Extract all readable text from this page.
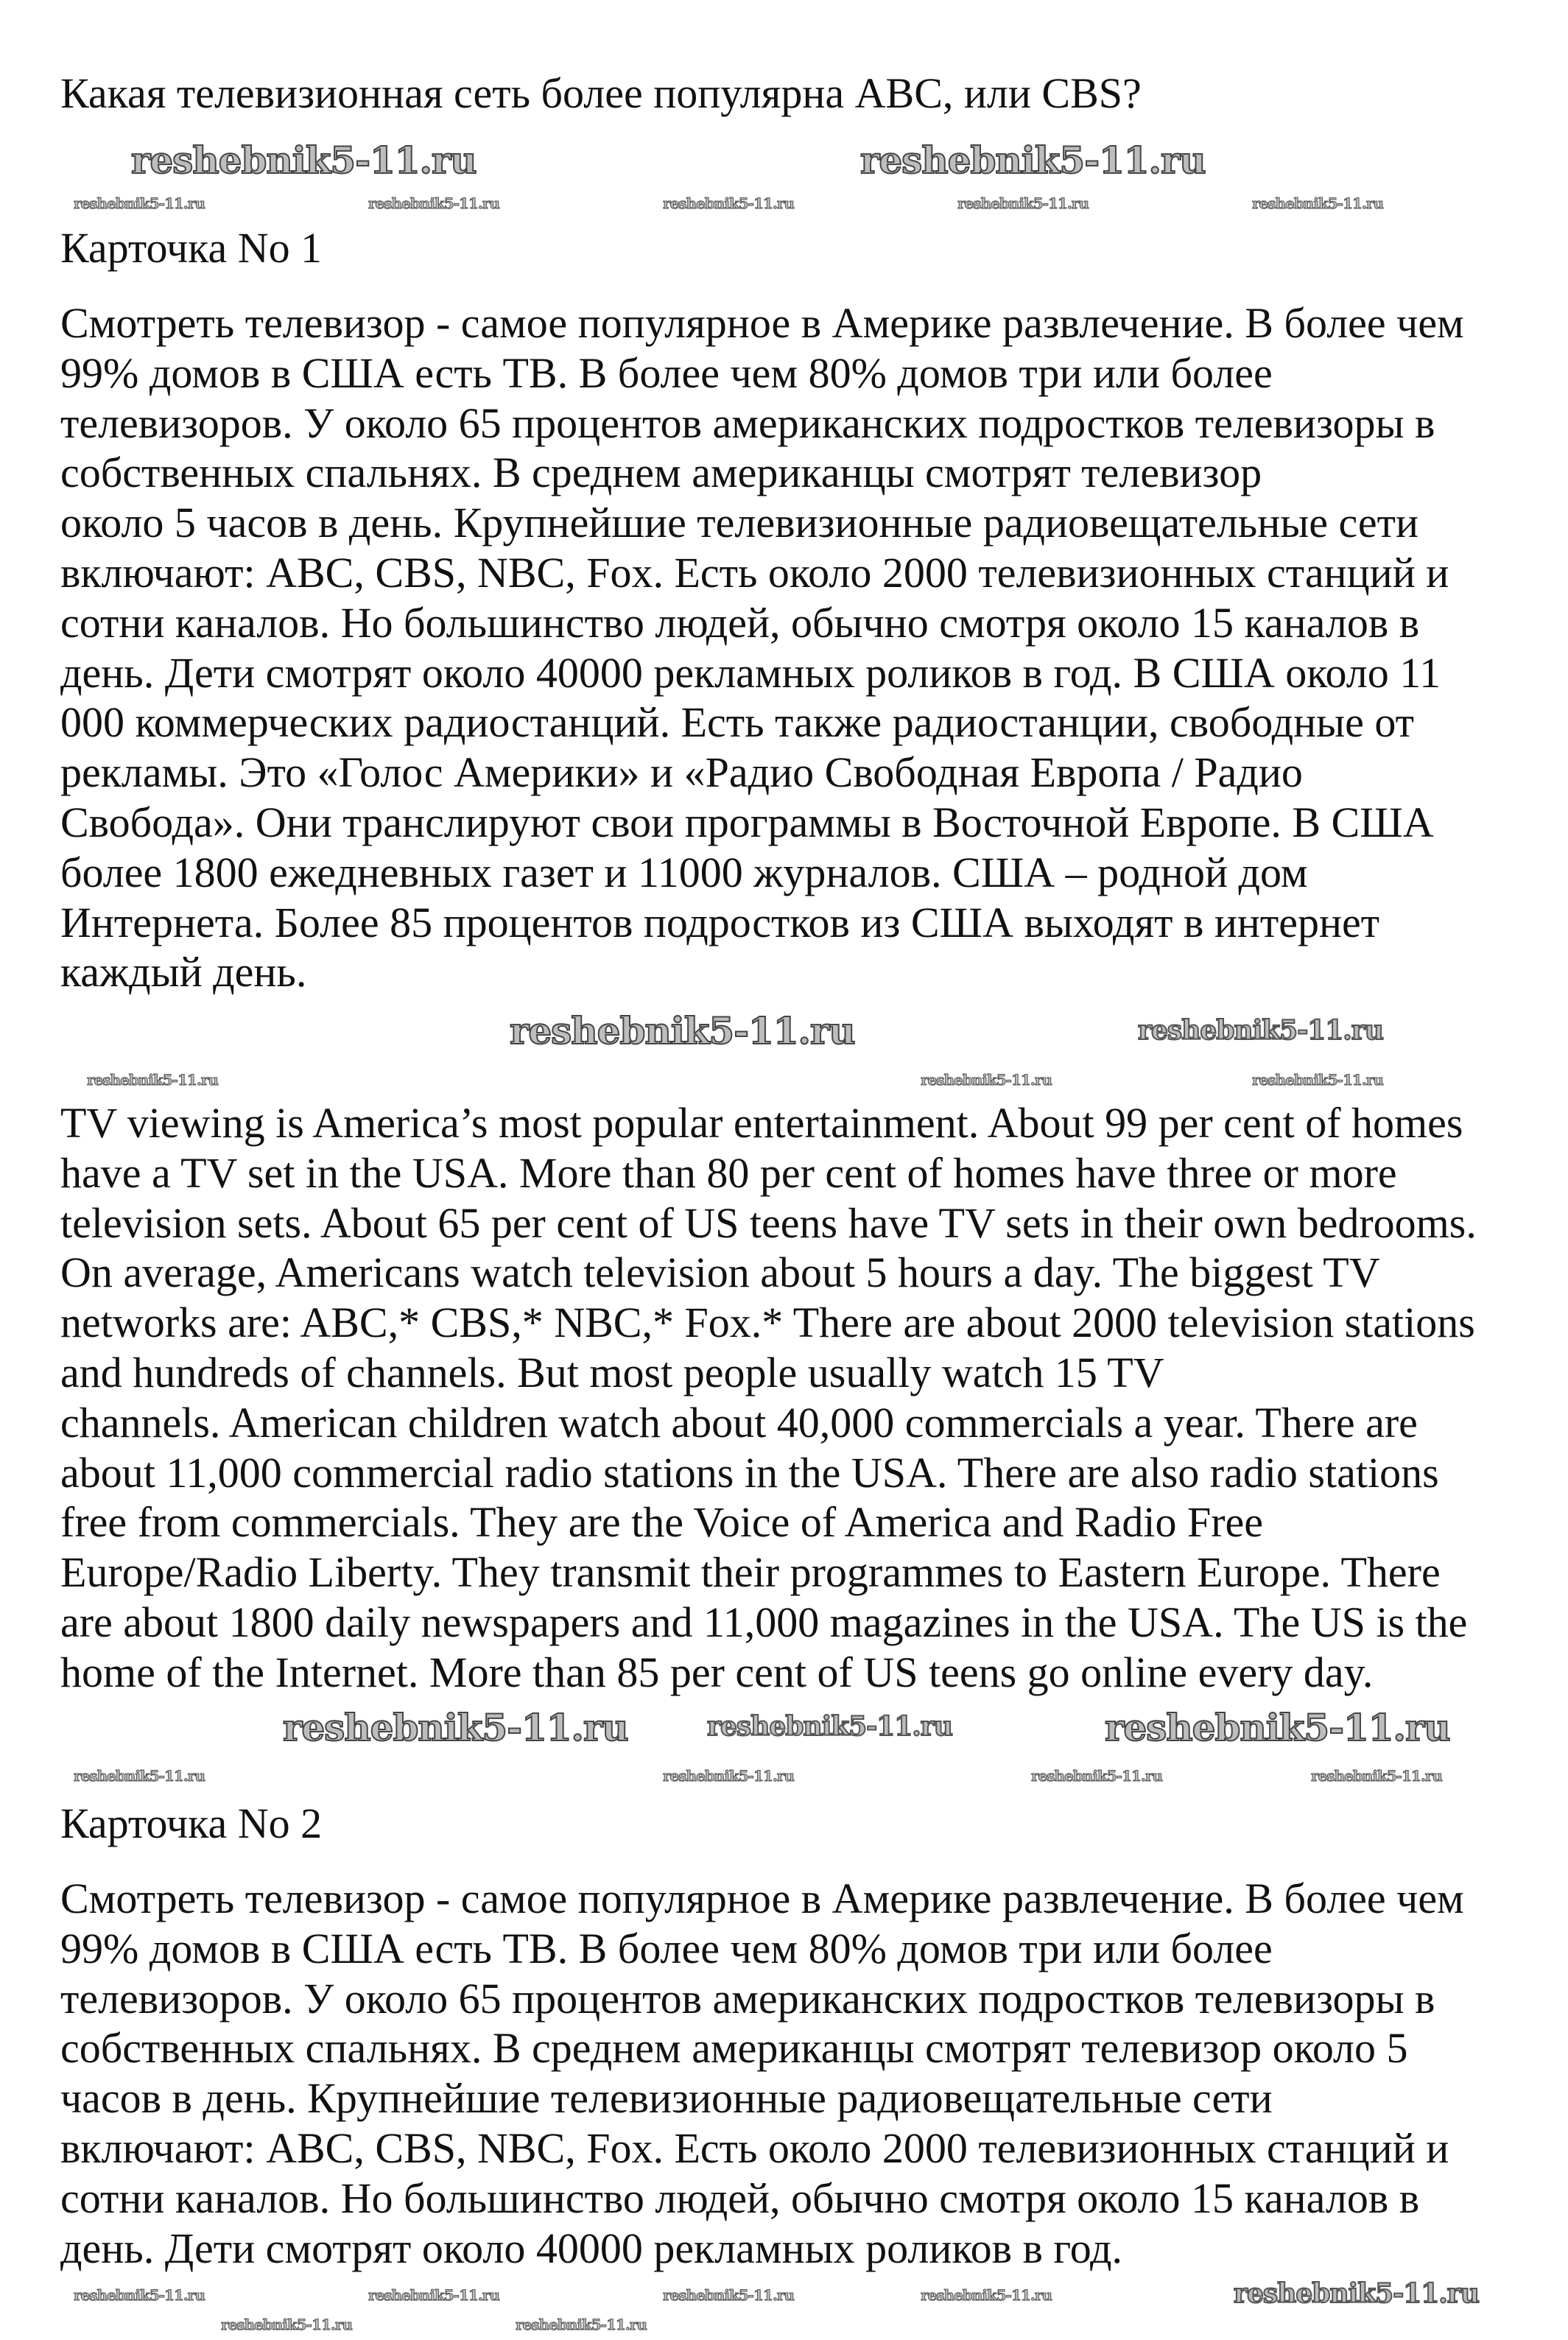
Какая телевизионная сеть более популярна ABC, или CBS?
Карточка No 1
Смотреть телевизор - самое популярное в Америке развлечение. В более чем
99% домов в США есть ТВ. В более чем 80% домов три или более
телевизоров. У около 65 процентов американских подростков телевизоры в
собственных спальнях. В среднем американцы смотрят телевизор
около 5 часов в день. Крупнейшие телевизионные радиовещательные сети
включают: ABC, CBS, NBC, Fox. Есть около 2000 телевизионных станций и
сотни каналов. Но большинство людей, обычно смотря около 15 каналов в
день. Дети смотрят около 40000 рекламных роликов в год. В США около 11
000 коммерческих радиостанций. Есть также радиостанции, свободные от
рекламы. Это «Голос Америки» и «Радио Свободная Европа / Радио
Свобода». Они транслируют свои программы в Восточной Европе. В США
более 1800 ежедневных газет и 11000 журналов. США – родной дом
Интернета. Более 85 процентов подростков из США выходят в интернет
каждый день.
TV viewing is America’s most popular entertainment. About 99 per cent of homes
have a TV set in the USA. More than 80 per cent of homes have three or more
television sets. About 65 per cent of US teens have TV sets in their own bedrooms.
On average, Americans watch television about 5 hours a day. The biggest TV
networks are: ABC,* CBS,* NBC,* Fox.* There are about 2000 television stations
and hundreds of channels. But most people usually watch 15 TV
channels. American children watch about 40,000 commercials a year. There are
about 11,000 commercial radio stations in the USA. There are also radio stations
free from commercials. They are the Voice of America and Radio Free
Europe/Radio Liberty. They transmit their programmes to Eastern Europe. There
are about 1800 daily newspapers and 11,000 magazines in the USA. The US is the
home of the Internet. More than 85 per cent of US teens go online every day.
Карточка No 2
Смотреть телевизор - самое популярное в Америке развлечение. В более чем
99% домов в США есть ТВ. В более чем 80% домов три или более
телевизоров. У около 65 процентов американских подростков телевизоры в
собственных спальнях. В среднем американцы смотрят телевизор около 5
часов в день. Крупнейшие телевизионные радиовещательные сети
включают: ABC, CBS, NBC, Fox. Есть около 2000 телевизионных станций и
сотни каналов. Но большинство людей, обычно смотря около 15 каналов в
день. Дети смотрят около 40000 рекламных роликов в год.
reshebnik5-11.ru	reshebnik5-11.ru
reshebnik5-11.ru	reshebnik5-11.ru	reshebnik5-11.ru	reshebnik5-11.ru	reshebnik5-11.ru
reshebnik5-11.ru	reshebnik5-11.ru
reshebnik5-11.ru	reshebnik5-11.ru	reshebnik5-11.ru
reshebnik5-11.ru	reshebnik5-11.ru
reshebnik5-11.ru
reshebnik5-11.ru	reshebnik5-11.ru	reshebnik5-11.ru	reshebnik5-11.ru
reshebnik5-11.ru
reshebnik5-11.ru	reshebnik5-11.ru	reshebnik5-11.ru	reshebnik5-11.ru
reshebnik5-11.ru	reshebnik5-11.ru
